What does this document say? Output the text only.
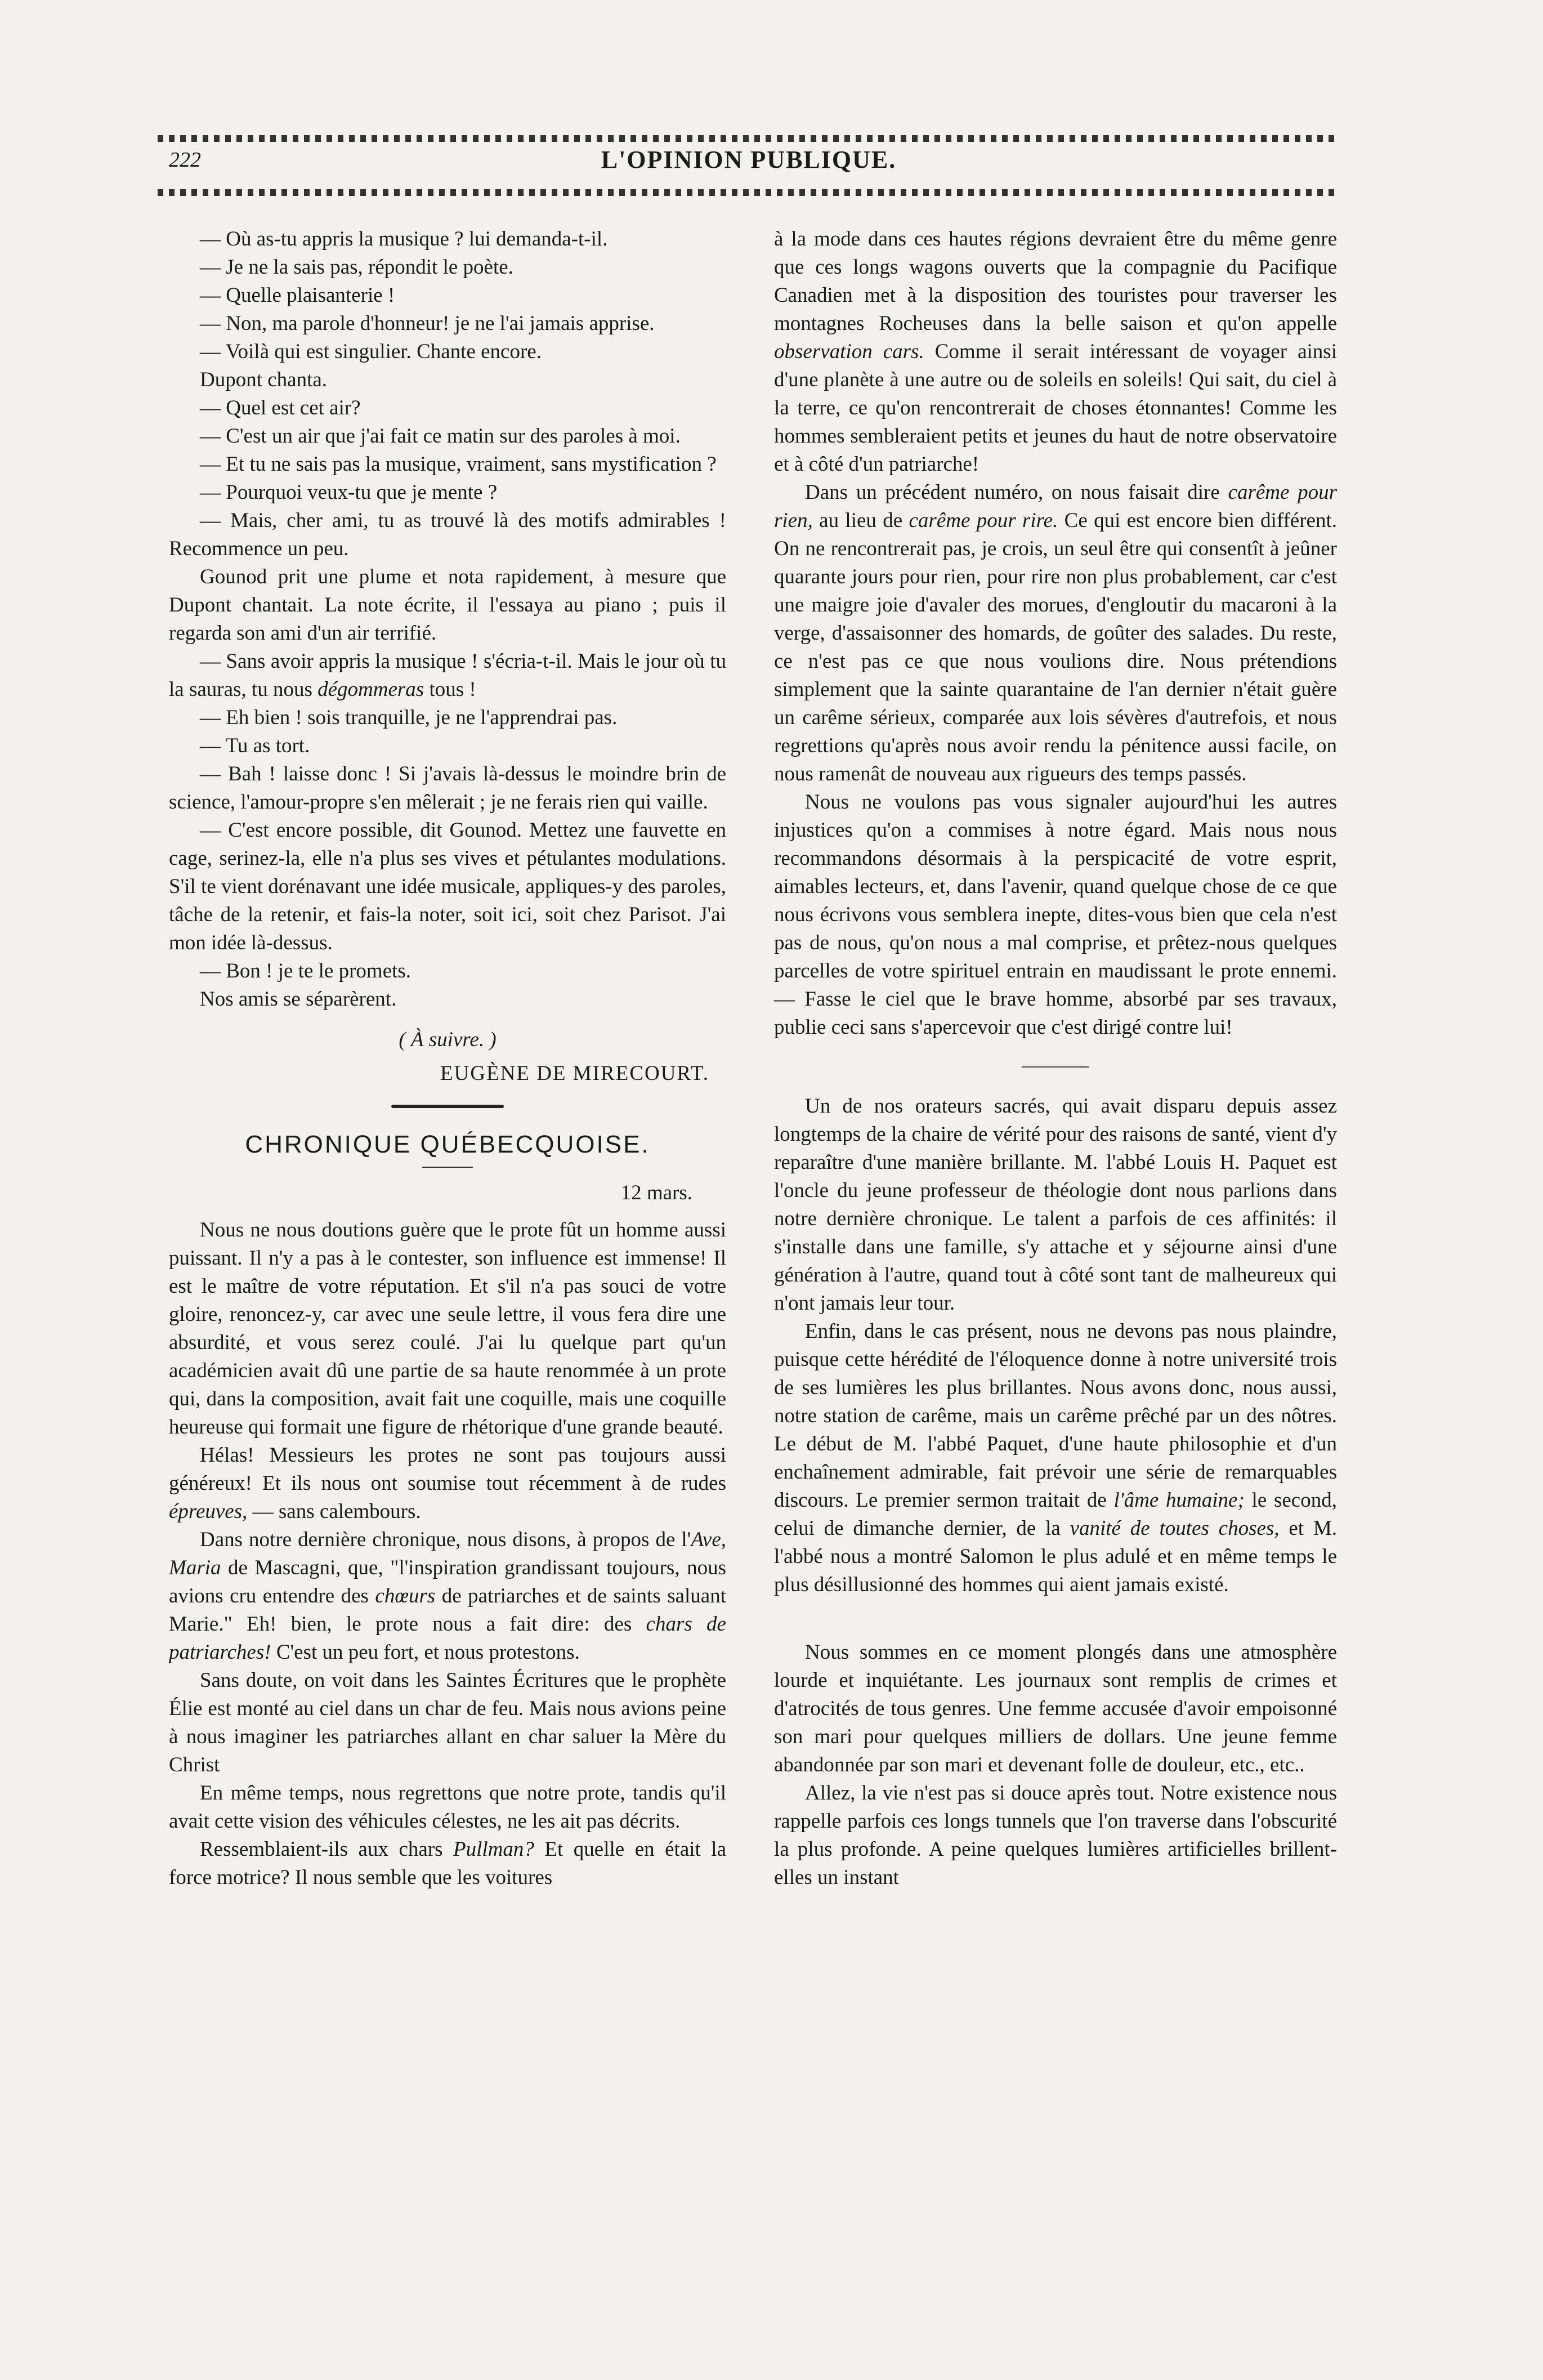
222	L'OPINION PUBLIQUE.

— Où as-tu appris la musique ? lui demanda-t-il.

— Je ne la sais pas, répondit le poète.

— Quelle plaisanterie !

— Non, ma parole d'honneur! je ne l'ai jamais apprise.

— Voilà qui est singulier. Chante encore.

Dupont chanta.

— Quel est cet air?

— C'est un air que j'ai fait ce matin sur des paroles à moi.

— Et tu ne sais pas la musique, vraiment, sans mystification ?

— Pourquoi veux-tu que je mente ?

— Mais, cher ami, tu as trouvé là des motifs admirables ! Recommence un peu.

Gounod prit une plume et nota rapidement, à mesure que Dupont chantait. La note écrite, il l'essaya au piano ; puis il regarda son ami d'un air terrifié.

— Sans avoir appris la musique ! s'écria-t-il. Mais le jour où tu la sauras, tu nous dégommeras tous !

— Eh bien ! sois tranquille, je ne l'apprendrai pas.

— Tu as tort.

— Bah ! laisse donc ! Si j'avais là-dessus le moindre brin de science, l'amour-propre s'en mêlerait ; je ne ferais rien qui vaille.

— C'est encore possible, dit Gounod. Mettez une fauvette en cage, serinez-la, elle n'a plus ses vives et pétulantes modulations. S'il te vient dorénavant une idée musicale, appliques-y des paroles, tâche de la retenir, et fais-la noter, soit ici, soit chez Parisot. J'ai mon idée là-dessus.

— Bon ! je te le promets.

Nos amis se séparèrent.

( À suivre. )
EUGÈNE DE MIRECOURT.
CHRONIQUE QUÉBECQUOISE.
12 mars.

Nous ne nous doutions guère que le prote fût un homme aussi puissant. Il n'y a pas à le contester, son influence est immense! Il est le maître de votre réputation. Et s'il n'a pas souci de votre gloire, renoncez-y, car avec une seule lettre, il vous fera dire une absurdité, et vous serez coulé. J'ai lu quelque part qu'un académicien avait dû une partie de sa haute renommée à un prote qui, dans la composition, avait fait une coquille, mais une coquille heureuse qui formait une figure de rhétorique d'une grande beauté.

Hélas! Messieurs les protes ne sont pas toujours aussi généreux! Et ils nous ont soumise tout récemment à de rudes épreuves, — sans calembours.

Dans notre dernière chronique, nous disons, à propos de l'Ave, Maria de Mascagni, que, "l'inspiration grandissant toujours, nous avions cru entendre des chœurs de patriarches et de saints saluant Marie." Eh! bien, le prote nous a fait dire: des chars de patriarches! C'est un peu fort, et nous protestons.

Sans doute, on voit dans les Saintes Écritures que le prophète Élie est monté au ciel dans un char de feu. Mais nous avions peine à nous imaginer les patriarches allant en char saluer la Mère du Christ

En même temps, nous regrettons que notre prote, tandis qu'il avait cette vision des véhicules célestes, ne les ait pas décrits.

Ressemblaient-ils aux chars Pullman? Et quelle en était la force motrice? Il nous semble que les voitures

à la mode dans ces hautes régions devraient être du même genre que ces longs wagons ouverts que la compagnie du Pacifique Canadien met à la disposition des touristes pour traverser les montagnes Rocheuses dans la belle saison et qu'on appelle observation cars. Comme il serait intéressant de voyager ainsi d'une planète à une autre ou de soleils en soleils! Qui sait, du ciel à la terre, ce qu'on rencontrerait de choses étonnantes! Comme les hommes sembleraient petits et jeunes du haut de notre observatoire et à côté d'un patriarche!

Dans un précédent numéro, on nous faisait dire carême pour rien, au lieu de carême pour rire. Ce qui est encore bien différent. On ne rencontrerait pas, je crois, un seul être qui consentît à jeûner quarante jours pour rien, pour rire non plus probablement, car c'est une maigre joie d'avaler des morues, d'engloutir du macaroni à la verge, d'assaisonner des homards, de goûter des salades. Du reste, ce n'est pas ce que nous voulions dire. Nous prétendions simplement que la sainte quarantaine de l'an dernier n'était guère un carême sérieux, comparée aux lois sévères d'autrefois, et nous regrettions qu'après nous avoir rendu la pénitence aussi facile, on nous ramenât de nouveau aux rigueurs des temps passés.

Nous ne voulons pas vous signaler aujourd'hui les autres injustices qu'on a commises à notre égard. Mais nous nous recommandons désormais à la perspicacité de votre esprit, aimables lecteurs, et, dans l'avenir, quand quelque chose de ce que nous écrivons vous semblera inepte, dites-vous bien que cela n'est pas de nous, qu'on nous a mal comprise, et prêtez-nous quelques parcelles de votre spirituel entrain en maudissant le prote ennemi. — Fasse le ciel que le brave homme, absorbé par ses travaux, publie ceci sans s'apercevoir que c'est dirigé contre lui!

Un de nos orateurs sacrés, qui avait disparu depuis assez longtemps de la chaire de vérité pour des raisons de santé, vient d'y reparaître d'une manière brillante. M. l'abbé Louis H. Paquet est l'oncle du jeune professeur de théologie dont nous parlions dans notre dernière chronique. Le talent a parfois de ces affinités: il s'installe dans une famille, s'y attache et y séjourne ainsi d'une génération à l'autre, quand tout à côté sont tant de malheureux qui n'ont jamais leur tour.

Enfin, dans le cas présent, nous ne devons pas nous plaindre, puisque cette hérédité de l'éloquence donne à notre université trois de ses lumières les plus brillantes. Nous avons donc, nous aussi, notre station de carême, mais un carême prêché par un des nôtres. Le début de M. l'abbé Paquet, d'une haute philosophie et d'un enchaînement admirable, fait prévoir une série de remarquables discours. Le premier sermon traitait de l'âme humaine; le second, celui de dimanche dernier, de la vanité de toutes choses, et M. l'abbé nous a montré Salomon le plus adulé et en même temps le plus désillusionné des hommes qui aient jamais existé.

Nous sommes en ce moment plongés dans une atmosphère lourde et inquiétante. Les journaux sont remplis de crimes et d'atrocités de tous genres. Une femme accusée d'avoir empoisonné son mari pour quelques milliers de dollars. Une jeune femme abandonnée par son mari et devenant folle de douleur, etc., etc..

Allez, la vie n'est pas si douce après tout. Notre existence nous rappelle parfois ces longs tunnels que l'on traverse dans l'obscurité la plus profonde. A peine quelques lumières artificielles brillent-elles un instant
